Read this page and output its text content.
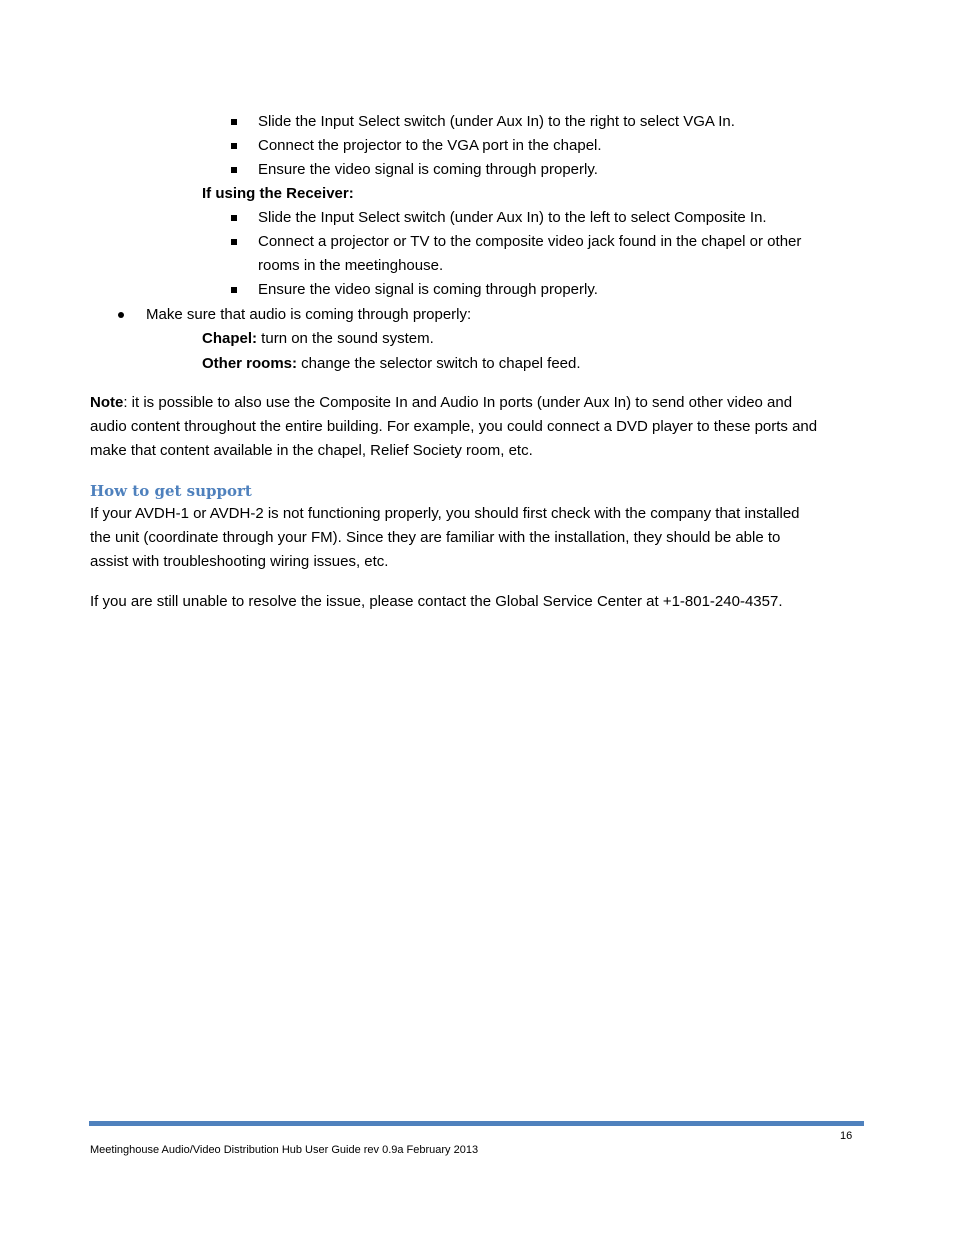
Slide the Input Select switch (under Aux In) to the right to select VGA In.
Connect the projector to the VGA port in the chapel.
Ensure the video signal is coming through properly.
If using the Receiver:
Slide the Input Select switch (under Aux In) to the left to select Composite In.
Connect a projector or TV to the composite video jack found in the chapel or other
rooms in the meetinghouse.
Ensure the video signal is coming through properly.
Make sure that audio is coming through properly:
Chapel: turn on the sound system.
Other rooms: change the selector switch to chapel feed.
Note: it is possible to also use the Composite In and Audio In ports (under Aux In) to send other video and
audio content throughout the entire building. For example, you could connect a DVD player to these ports and
make that content available in the chapel, Relief Society room, etc.
How to get support
If your AVDH-1 or AVDH-2 is not functioning properly, you should first check with the company that installed
the unit (coordinate through your FM). Since they are familiar with the installation, they should be able to
assist with troubleshooting wiring issues, etc.
If you are still unable to resolve the issue, please contact the Global Service Center at +1-801-240-4357.
16
Meetinghouse Audio/Video Distribution Hub User Guide rev 0.9a February 2013
